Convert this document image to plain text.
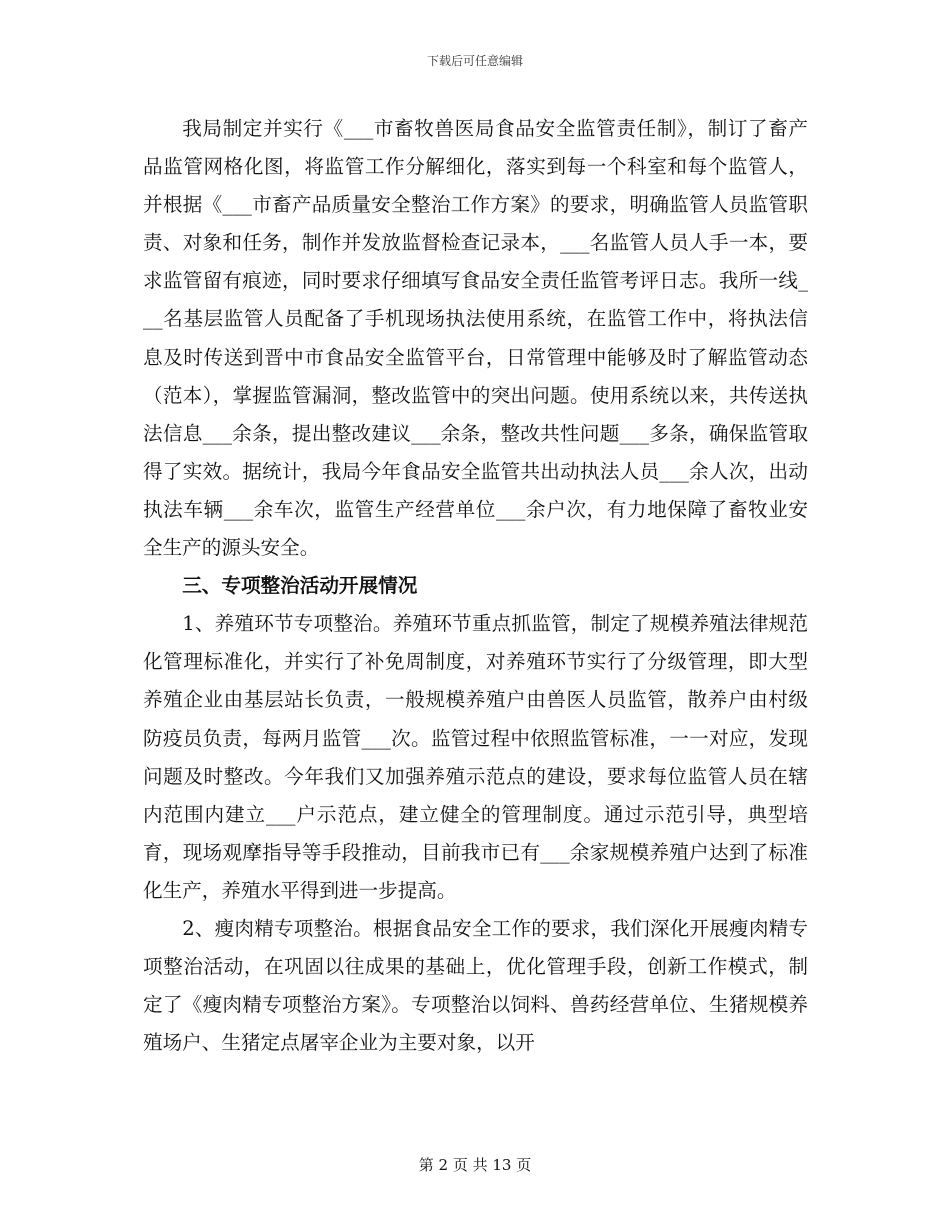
下载后可任意编辑

我局制定并实行《___市畜牧兽医局食品安全监管责任制》，制订了畜产品监管网格化图，将监管工作分解细化，落实到每一个科室和每个监管人，并根据《___市畜产品质量安全整治工作方案》的要求，明确监管人员监管职责、对象和任务，制作并发放监督检查记录本，___名监管人员人手一本，要求监管留有痕迹，同时要求仔细填写食品安全责任监管考评日志。我所一线___名基层监管人员配备了手机现场执法使用系统，在监管工作中，将执法信息及时传送到晋中市食品安全监管平台，日常管理中能够及时了解监管动态（范本），掌握监管漏洞，整改监管中的突出问题。使用系统以来，共传送执法信息___余条，提出整改建议___余条，整改共性问题___多条，确保监管取得了实效。据统计，我局今年食品安全监管共出动执法人员___余人次，出动执法车辆___余车次，监管生产经营单位___余户次，有力地保障了畜牧业安全生产的源头安全。

三、专项整治活动开展情况

1、养殖环节专项整治。养殖环节重点抓监管，制定了规模养殖法律规范化管理标准化，并实行了补免周制度，对养殖环节实行了分级管理，即大型养殖企业由基层站长负责，一般规模养殖户由兽医人员监管，散养户由村级防疫员负责，每两月监管___次。监管过程中依照监管标准，一一对应，发现问题及时整改。今年我们又加强养殖示范点的建设，要求每位监管人员在辖内范围内建立___户示范点，建立健全的管理制度。通过示范引导，典型培育，现场观摩指导等手段推动，目前我市已有___余家规模养殖户达到了标准化生产，养殖水平得到进一步提高。

2、瘦肉精专项整治。根据食品安全工作的要求，我们深化开展瘦肉精专项整治活动，在巩固以往成果的基础上，优化管理手段，创新工作模式，制定了《瘦肉精专项整治方案》。专项整治以饲料、兽药经营单位、生猪规模养殖场户、生猪定点屠宰企业为主要对象，以开

第 2 页 共 13 页
